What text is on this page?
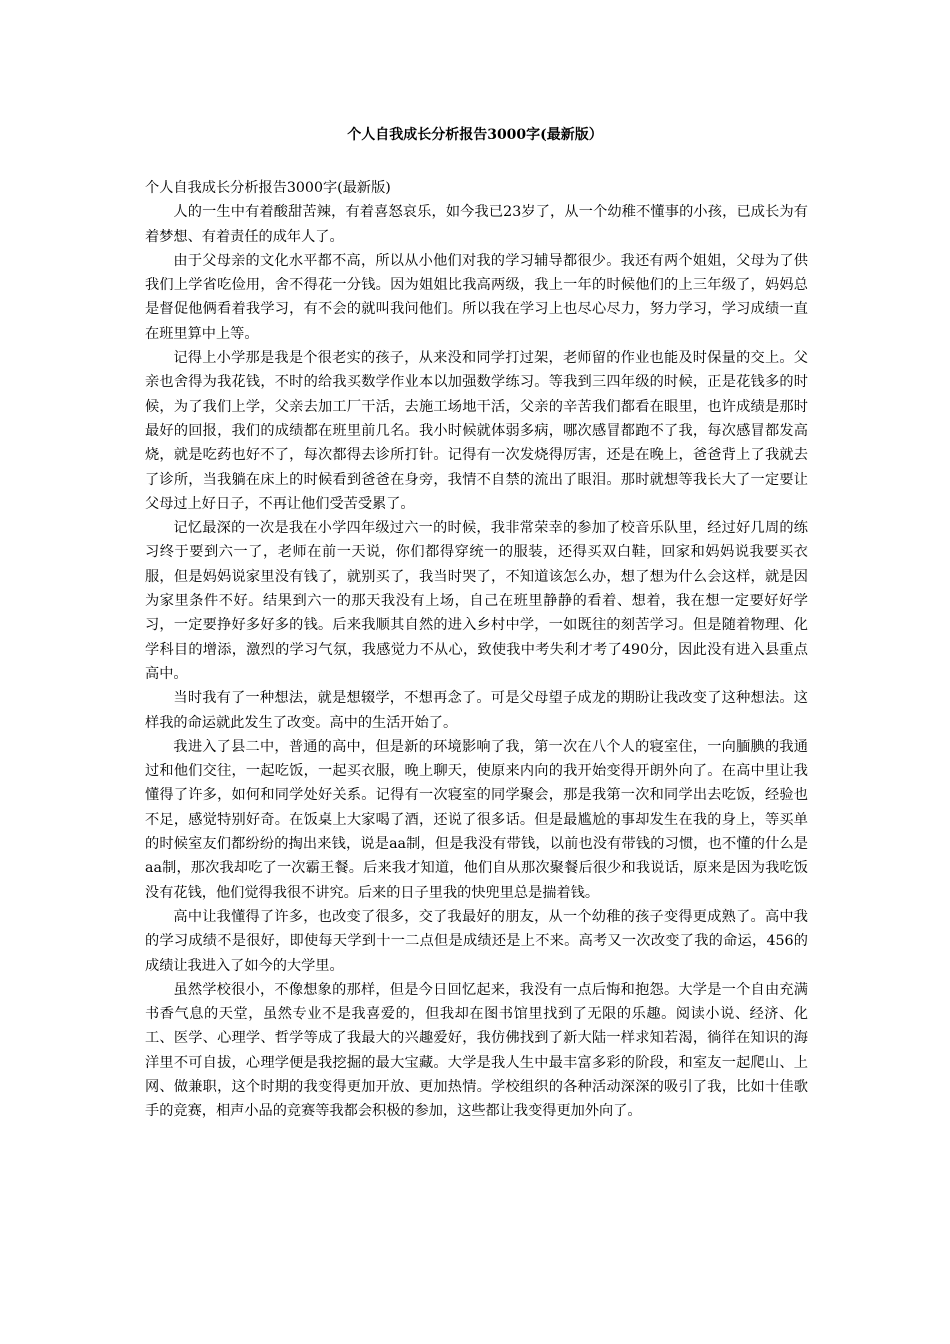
个人自我成长分析报告3000字(最新版）

个人自我成长分析报告3000字(最新版)

人的一生中有着酸甜苦辣，有着喜怒哀乐，如今我已23岁了，从一个幼稚不懂事的小孩，已成长为有着梦想、有着责任的成年人了。

由于父母亲的文化水平都不高，所以从小他们对我的学习辅导都很少。我还有两个姐姐，父母为了供我们上学省吃俭用，舍不得花一分钱。因为姐姐比我高两级，我上一年的时候他们的上三年级了，妈妈总是督促他俩看着我学习，有不会的就叫我问他们。所以我在学习上也尽心尽力，努力学习，学习成绩一直在班里算中上等。

记得上小学那是我是个很老实的孩子，从来没和同学打过架，老师留的作业也能及时保量的交上。父亲也舍得为我花钱，不时的给我买数学作业本以加强数学练习。等我到三四年级的时候，正是花钱多的时候，为了我们上学，父亲去加工厂干活，去施工场地干活，父亲的辛苦我们都看在眼里，也许成绩是那时最好的回报，我们的成绩都在班里前几名。我小时候就体弱多病，哪次感冒都跑不了我，每次感冒都发高烧，就是吃药也好不了，每次都得去诊所打针。记得有一次发烧得厉害，还是在晚上，爸爸背上了我就去了诊所，当我躺在床上的时候看到爸爸在身旁，我情不自禁的流出了眼泪。那时就想等我长大了一定要让父母过上好日子，不再让他们受苦受累了。

记忆最深的一次是我在小学四年级过六一的时候，我非常荣幸的参加了校音乐队里，经过好几周的练习终于要到六一了，老师在前一天说，你们都得穿统一的服装，还得买双白鞋，回家和妈妈说我要买衣服，但是妈妈说家里没有钱了，就别买了，我当时哭了，不知道该怎么办，想了想为什么会这样，就是因为家里条件不好。结果到六一的那天我没有上场，自己在班里静静的看着、想着，我在想一定要好好学习，一定要挣好多好多的钱。后来我顺其自然的进入乡村中学，一如既往的刻苦学习。但是随着物理、化学科目的增添，激烈的学习气氛，我感觉力不从心，致使我中考失利才考了490分，因此没有进入县重点高中。

当时我有了一种想法，就是想辍学，不想再念了。可是父母望子成龙的期盼让我改变了这种想法。这样我的命运就此发生了改变。高中的生活开始了。

我进入了县二中，普通的高中，但是新的环境影响了我，第一次在八个人的寝室住，一向腼腆的我通过和他们交往，一起吃饭，一起买衣服，晚上聊天，使原来内向的我开始变得开朗外向了。在高中里让我懂得了许多，如何和同学处好关系。记得有一次寝室的同学聚会，那是我第一次和同学出去吃饭，经验也不足，感觉特别好奇。在饭桌上大家喝了酒，还说了很多话。但是最尴尬的事却发生在我的身上，等买单的时候室友们都纷纷的掏出来钱，说是aa制，但是我没有带钱，以前也没有带钱的习惯，也不懂的什么是aa制，那次我却吃了一次霸王餐。后来我才知道，他们自从那次聚餐后很少和我说话，原来是因为我吃饭没有花钱，他们觉得我很不讲究。后来的日子里我的快兜里总是揣着钱。

高中让我懂得了许多，也改变了很多，交了我最好的朋友，从一个幼稚的孩子变得更成熟了。高中我的学习成绩不是很好，即使每天学到十一二点但是成绩还是上不来。高考又一次改变了我的命运，456的成绩让我进入了如今的大学里。

虽然学校很小，不像想象的那样，但是今日回忆起来，我没有一点后悔和抱怨。大学是一个自由充满书香气息的天堂，虽然专业不是我喜爱的，但我却在图书馆里找到了无限的乐趣。阅读小说、经济、化工、医学、心理学、哲学等成了我最大的兴趣爱好，我仿佛找到了新大陆一样求知若渴，徜徉在知识的海洋里不可自拔，心理学便是我挖掘的最大宝藏。大学是我人生中最丰富多彩的阶段，和室友一起爬山、上网、做兼职，这个时期的我变得更加开放、更加热情。学校组织的各种活动深深的吸引了我，比如十佳歌手的竞赛，相声小品的竞赛等我都会积极的参加，这些都让我变得更加外向了。
